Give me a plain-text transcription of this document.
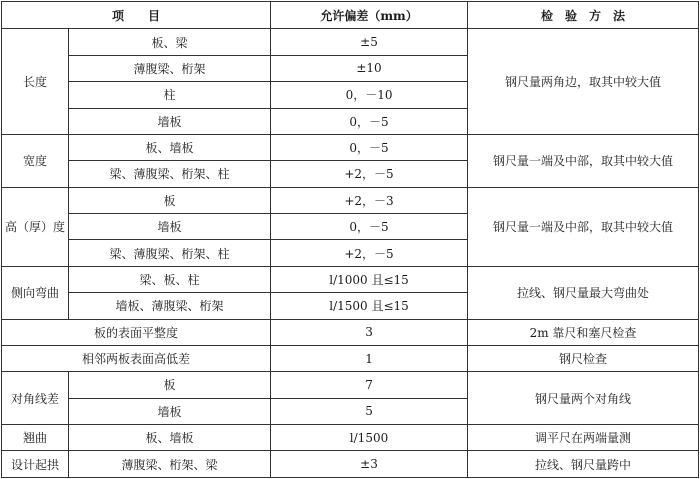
项　　目		允许偏差（mm）	检　验　方　法
长度	板、梁	±5	钢尺量两角边，取其中较大值
	薄腹梁、桁架	±10	
	柱	0，－10	
	墙板	0，－5	
宽度	板、墙板	0，－5	钢尺量一端及中部，取其中较大值
	梁、薄腹梁、桁架、柱	+2，－5	
高（厚）度	板	+2，－3	钢尺量一端及中部，取其中较大值
	墙板	0，－5	
	梁、薄腹梁、桁架、柱	+2，－5	
侧向弯曲	梁、板、柱	l/1000 且≤15	拉线、钢尺量最大弯曲处
	墙板、薄腹梁、桁架	l/1500 且≤15	
板的表面平整度		3	2m 靠尺和塞尺检查
相邻两板表面高低差		1	钢尺检查
对角线差	板	7	钢尺量两个对角线
	墙板	5	
翘曲	板、墙板	l/1500	调平尺在两端量测
设计起拱	薄腹梁、桁架、梁	±3	拉线、钢尺量跨中
